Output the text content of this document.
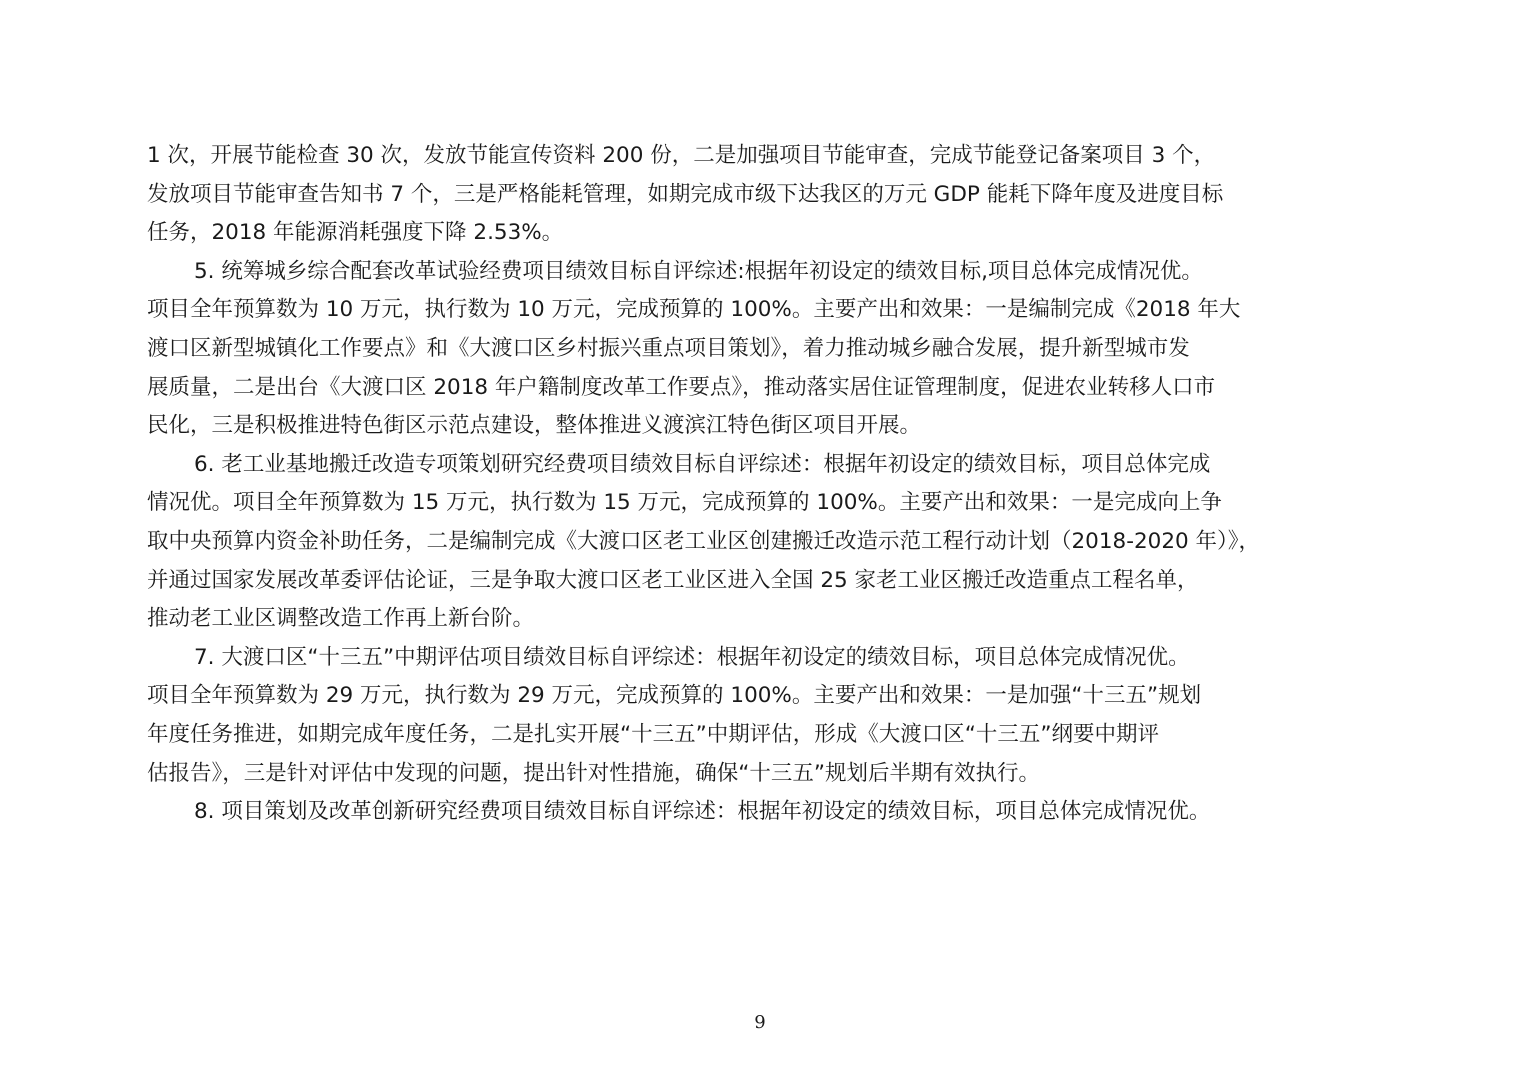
1 次，开展节能检查 30 次，发放节能宣传资料 200 份，二是加强项目节能审查，完成节能登记备案项目 3 个，
发放项目节能审查告知书 7 个，三是严格能耗管理，如期完成市级下达我区的万元 GDP 能耗下降年度及进度目标
任务，2018 年能源消耗强度下降 2.53%。
5. 统筹城乡综合配套改革试验经费项目绩效目标自评综述:根据年初设定的绩效目标,项目总体完成情况优。
项目全年预算数为 10 万元，执行数为 10 万元，完成预算的 100%。主要产出和效果：一是编制完成《2018 年大
渡口区新型城镇化工作要点》和《大渡口区乡村振兴重点项目策划》，着力推动城乡融合发展，提升新型城市发
展质量，二是出台《大渡口区 2018 年户籍制度改革工作要点》，推动落实居住证管理制度，促进农业转移人口市
民化，三是积极推进特色街区示范点建设，整体推进义渡滨江特色街区项目开展。
6. 老工业基地搬迁改造专项策划研究经费项目绩效目标自评综述：根据年初设定的绩效目标，项目总体完成
情况优。项目全年预算数为 15 万元，执行数为 15 万元，完成预算的 100%。主要产出和效果：一是完成向上争
取中央预算内资金补助任务，二是编制完成《大渡口区老工业区创建搬迁改造示范工程行动计划（2018-2020 年）》，
并通过国家发展改革委评估论证，三是争取大渡口区老工业区进入全国 25 家老工业区搬迁改造重点工程名单，
推动老工业区调整改造工作再上新台阶。
7. 大渡口区“十三五”中期评估项目绩效目标自评综述：根据年初设定的绩效目标，项目总体完成情况优。
项目全年预算数为 29 万元，执行数为 29 万元，完成预算的 100%。主要产出和效果：一是加强“十三五”规划
年度任务推进，如期完成年度任务，二是扎实开展“十三五”中期评估，形成《大渡口区“十三五”纲要中期评
估报告》，三是针对评估中发现的问题，提出针对性措施，确保“十三五”规划后半期有效执行。
8. 项目策划及改革创新研究经费项目绩效目标自评综述：根据年初设定的绩效目标，项目总体完成情况优。
9
